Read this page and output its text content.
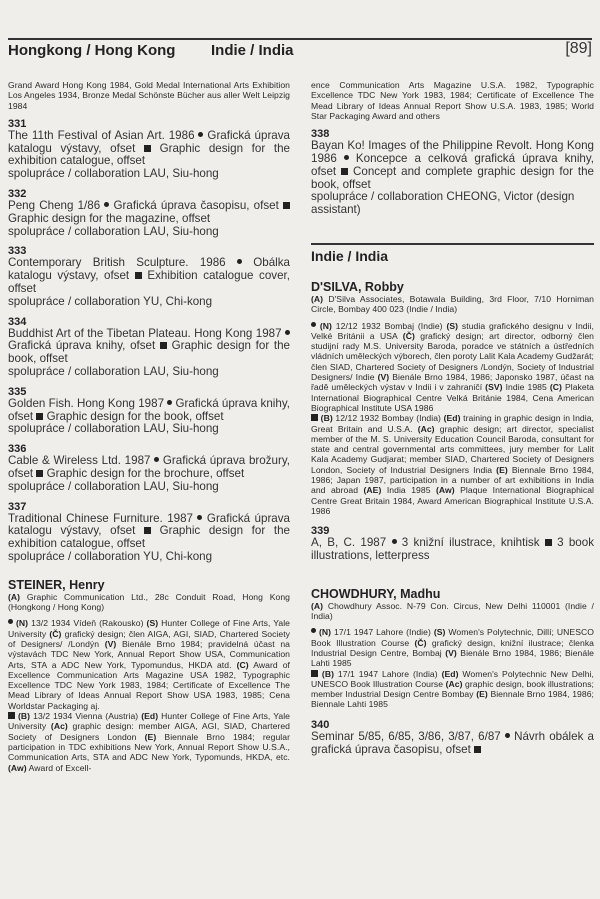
Hongkong / Hong Kong Indie / India	[89]

Grand Award Hong Kong 1984, Gold Medal International Arts Exhibition Los Angeles 1934, Bronze Medal Schönste Bücher aus aller Welt Leipzig 1984

331

The 11th Festival of Asian Art. 1986  Grafická úprava katalogu výstavy, ofset  Graphic design for the exhibition catalogue, offset

spolupráce / collaboration LAU, Siu-hong

332

Peng Cheng 1/86  Grafická úprava časopisu, ofset  Graphic design for the magazine, offset

spolupráce / collaboration LAU, Siu-hong

333

Contemporary British Sculpture. 1986  Obálka katalogu výstavy, ofset  Exhibition catalogue cover, offset

spolupráce / collaboration YU, Chi-kong

334

Buddhist Art of the Tibetan Plateau. Hong Kong 1987  Grafická úprava knihy, ofset  Graphic design for the book, offset

spolupráce / collaboration LAU, Siu-hong

335

Golden Fish. Hong Kong 1987  Grafická úprava knihy, ofset  Graphic design for the book, offset

spolupráce / collaboration LAU, Siu-hong

336

Cable & Wireless Ltd. 1987  Grafická úprava brožury, ofset  Graphic design for the brochure, offset

spolupráce / collaboration LAU, Siu-hong

337

Traditional Chinese Furniture. 1987  Grafická úprava katalogu výstavy, ofset  Graphic design for the exhibition catalogue, offset

spolupráce / collaboration YU, Chi-kong

STEINER, Henry

(A) Graphic Communication Ltd., 28c Conduit Road, Hong Kong (Hongkong / Hong Kong)

(N) 13/2 1934 Vídeň (Rakousko) (S) Hunter College of Fine Arts, Yale University (Č) grafický design; člen AIGA, AGI, SIAD, Chartered Society of Designers/ /Londýn (V) Bienále Brno 1984; pravidelná účast na výstavách TDC New York, Annual Report Show USA, Communication Arts, STA a ADC New York, Typomundus, HKDA atd. (C) Award of Excellence Communication Arts Magazine USA 1982, Typographic Excellence TDC New York 1983, 1984; Certificate of Excellence The Mead Library of Ideas Annual Report Show USA 1983, 1985; Cena Worldstar Packaging aj.

(B) 13/2 1934 Vienna (Austria) (Ed) Hunter College of Fine Arts, Yale University (Ac) graphic design: member AIGA, AGI, SIAD, Chartered Society of Designers London (E) Biennale Brno 1984; regular participation in TDC exhibitions New York, Annual Report Show U.S.A., Communication Arts, STA and ADC New York, Typomunds, HKDA, etc. (Aw) Award of Excell-

ence Communication Arts Magazine U.S.A. 1982, Typographic Excellence TDC New York 1983, 1984; Certificate of Excellence The Mead Library of Ideas Annual Report Show U.S.A. 1983, 1985; World Star Packaging Award and others

338

Bayan Ko! Images of the Philippine Revolt. Hong Kong 1986  Koncepce a celková grafická úprava knihy, ofset  Concept and complete graphic design for the book, offset

spolupráce / collaboration CHEONG, Victor (design assistant)

Indie / India
D'SILVA, Robby

(A) D'Silva Associates, Botawala Building, 3rd Floor, 7/10 Horniman Circle, Bombay 400 023 (Indie / India)

(N) 12/12 1932 Bombaj (Indie) (S) studia grafického designu v Indii, Velké Británii a USA (Č) grafický design; art director, odborný člen studijní rady M.S. University Baroda, poradce ve státních a ústředních vládních uměleckých výborech, člen poroty Lalit Kala Academy Gudžarát; člen SIAD, Chartered Society of Designers /Londýn, Society of Industrial Designers/ Indie (V) Bienále Brno 1984, 1986; Japonsko 1987, účast na řadě uměleckých výstav v Indii i v zahraničí (SV) Indie 1985 (C) Plaketa International Biographical Centre Velká Británie 1984, Cena American Biographical Institute USA 1986

(B) 12/12 1932 Bombay (India) (Ed) training in graphic design in India, Great Britain and U.S.A. (Ac) graphic design; art director, specialist member of the M. S. University Education Council Baroda, consultant for state and central governmental arts committees, jury member for Lalit Kala Academy Gudjarat; member SIAD, Chartered Society of Designers London, Society of Industrial Designers India (E) Biennale Brno 1984, 1986; Japan 1987, participation in a number of art exhibitions in India and abroad (AE) India 1985 (Aw) Plaque International Biographical Centre Great Britain 1984, Award American Biographical Institute U.S.A. 1986

339

A, B, C. 1987  3 knižní ilustrace, knihtisk  3 book illustrations, letterpress

CHOWDHURY, Madhu

(A) Chowdhury Assoc. N-79 Con. Circus, New Delhi 110001 (Indie / India)

(N) 17/1 1947 Lahore (Indie) (S) Women's Polytechnic, Dillí; UNESCO Book Illustration Course (Č) grafický design, knižní ilustrace; členka Industrial Design Centre, Bombaj (V) Bienále Brno 1984, 1986; Bienále Lahti 1985

(B) 17/1 1947 Lahore (India) (Ed) Women's Polytechnic New Delhi, UNESCO Book Illustration Course (Ac) graphic design, book illustrations; member Industrial Design Centre Bombay (E) Biennale Brno 1984, 1986; Biennale Lahti 1985

340

Seminar 5/85, 6/85, 3/86, 3/87, 6/87  Návrh obálek a grafická úprava časopisu, ofset
